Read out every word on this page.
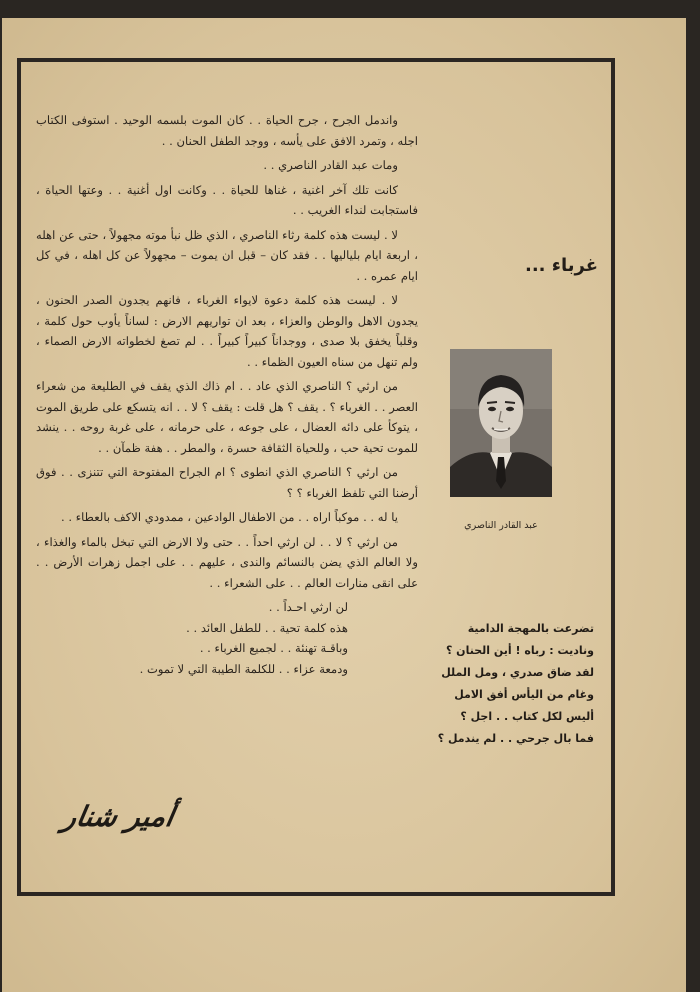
واندمل الجرح ، جرح الحياة . . كان الموت بلسمه الوحيد . استوفى الكتاب اجله ، وتمرد الافق على يأسه ، ووجد الطفل الحنان . .

ومات عبد القادر الناصري . .

كانت تلك آخر اغنية ، غناها للحياة . . وكانت اول أغنية . . وعتها الحياة ، فاستجابت لنداء الغريب . .

لا . ليست هذه كلمة رثاء الناصري ، الذي ظل نبأ موته مجهولاً ، حتى عن اهله ، اربعة ايام بلياليها . . فقد كان – قبل ان يموت – مجهولاً عن كل اهله ، في كل ايام عمره . .

لا . ليست هذه كلمة دعوة لايواء الغرباء ، فانهم يجدون الصدر الحنون ، يجدون الاهل والوطن والعزاء ، بعد ان تواريهم الارض : لساناً يأوب حول كلمة ، وقلباً يخفق بلا صدى ، ووجداناً كبيراً كبيراً . . لم تصغ لخطواته الارض الصماء ، ولم تنهل من سناه العيون الظماء . .

من ارثي ؟ الناصري الذي عاد . . ام ذاك الذي يقف في الطليعة من شعراء العصر . . الغرباء ؟ . يقف ؟ هل قلت : يقف ؟ لا . . انه يتسكع على طريق الموت ، يتوكأ على دائه العضال ، على جوعه ، على حرمانه ، على غربة روحه . . ينشد للموت تحية حب ، وللحياة الثقافة حسرة ، والمطر . . هفة ظمآن . .

من ارثي ؟ الناصري الذي انطوى ؟ ام الجراح المفتوحة التي تتنزى . . فوق أرضنا التي تلفظ الغرباء ؟ ؟

يا له . . موكباً اراه . . من الاطفال الوادعين ، ممدودي الاكف بالعطاء . .

من ارثي ؟ لا . . لن ارثي احداً . . حتى ولا الارض التي تبخل بالماء والغذاء ، ولا العالم الذي يضن بالنسائم والندى ، عليهم . . على اجمل زهرات الأرض . . على انقى منارات العالم . . على الشعراء . .

لن ارثي احـداً . .

هذه كلمة تحية . . للطفل العائد . .

وباقـة تهنئة . . لجميع الغرباء . .

ودمعة عزاء . . للكلمة الطيبة التي لا تموت .

أمير شنار
غرباء ...
عبد القادر الناصري
تضرعت بالمهجة الدامية
وناديت : رباه ! أين الحنان ؟
لقد ضاق صدري ، ومل الملل
وغام من اليأس أفق الامل
أليس لكل كتاب . . اجل ؟
فما بال جرحي . . لم يندمل ؟
